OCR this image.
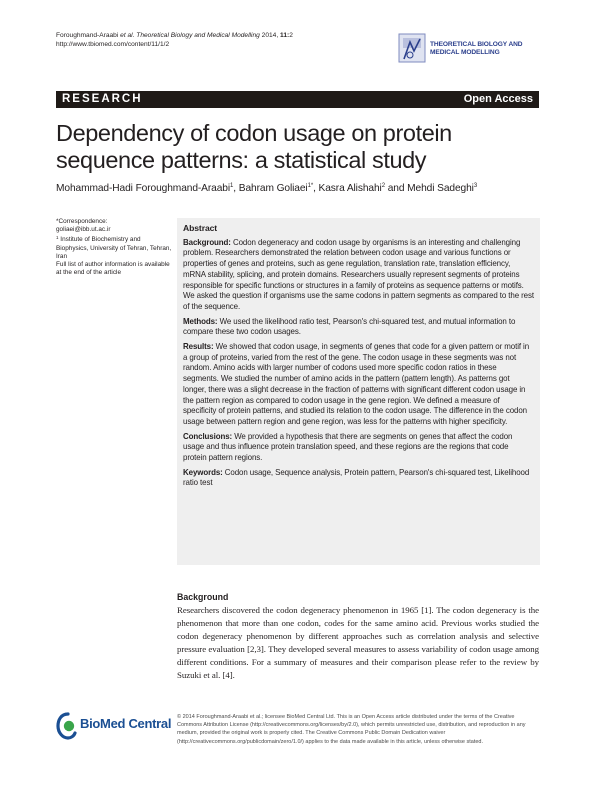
Foroughmand-Araabi et al. Theoretical Biology and Medical Modelling 2014, 11:2
http://www.tbiomed.com/content/11/1/2	THEORETICAL BIOLOGY AND
MEDICAL MODELLING
RESEARCH	Open Access
Dependency of codon usage on protein sequence patterns: a statistical study
Mohammad-Hadi Foroughmand-Araabi$^1$, Bahram Goliaei$^{1*}$, Kasra Alishahi$^2$ and Mehdi Sadeghi$^3$
*Correspondence:
goliaei@ibb.ut.ac.ir
$^1$ Institute of Biochemistry and Biophysics, University of Tehran, Tehran, Iran
Full list of author information is available at the end of the article
Abstract

Background: Codon degeneracy and codon usage by organisms is an interesting and challenging problem. Researchers demonstrated the relation between codon usage and various functions or properties of genes and proteins, such as gene regulation, translation rate, translation efficiency, mRNA stability, splicing, and protein domains. Researchers usually represent segments of proteins responsible for specific functions or structures in a family of proteins as sequence patterns or motifs. We asked the question if organisms use the same codons in pattern segments as compared to the rest of the sequence.

Methods: We used the likelihood ratio test, Pearson's chi-squared test, and mutual information to compare these two codon usages.

Results: We showed that codon usage, in segments of genes that code for a given pattern or motif in a group of proteins, varied from the rest of the gene. The codon usage in these segments was not random. Amino acids with larger number of codons used more specific codon ratios in these segments. We studied the number of amino acids in the pattern (pattern length). As patterns got longer, there was a slight decrease in the fraction of patterns with significant different codon usage in the pattern region as compared to codon usage in the gene region. We defined a measure of specificity of protein patterns, and studied its relation to the codon usage. The difference in the codon usage between pattern region and gene region, was less for the patterns with higher specificity.

Conclusions: We provided a hypothesis that there are segments on genes that affect the codon usage and thus influence protein translation speed, and these regions are the regions that code protein pattern regions.

Keywords: Codon usage, Sequence analysis, Protein pattern, Pearson's chi-squared test, Likelihood ratio test

Background
Researchers discovered the codon degeneracy phenomenon in 1965 [1]. The codon degeneracy is the phenomenon that more than one codon, codes for the same amino acid. Previous works studied the codon degeneracy phenomenon by different approaches such as correlation analysis and selective pressure evaluation [2,3]. They developed several measures to assess variability of codon usage among different conditions. For a summary of measures and their comparison please refer to the review by Suzuki et al. [4].
BioMed Central © 2014 Foroughmand-Araabi et al.; licensee BioMed Central Ltd. This is an Open Access article distributed under the terms of the Creative Commons Attribution License (http://creativecommons.org/licenses/by/2.0), which permits unrestricted use, distribution, and reproduction in any medium, provided the original work is properly cited. The Creative Commons Public Domain Dedication waiver (http://creativecommons.org/publicdomain/zero/1.0/) applies to the data made available in this article, unless otherwise stated.
